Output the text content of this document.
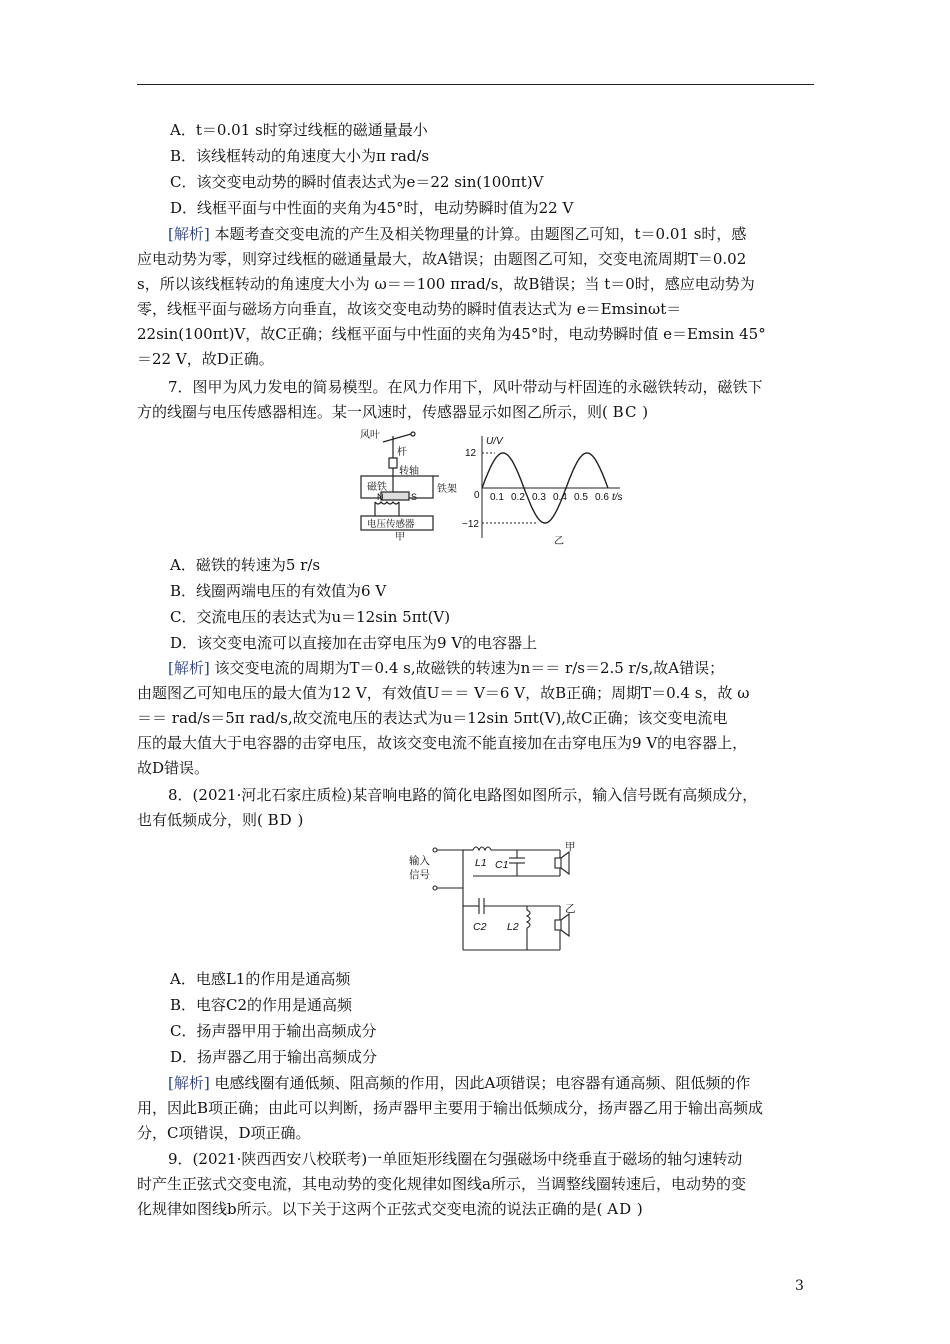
A．t＝0.01 s时穿过线框的磁通量最小
B．该线框转动的角速度大小为π rad/s
C．该交变电动势的瞬时值表达式为e＝22 sin(100πt)V
D．线框平面与中性面的夹角为45°时，电动势瞬时值为22 V
[解析] 本题考查交变电流的产生及相关物理量的计算。由题图乙可知，t＝0.01 s时，感
应电动势为零，则穿过线框的磁通量最大，故A错误；由题图乙可知，交变电流周期T＝0.02
s，所以该线框转动的角速度大小为 ω＝＝100 πrad/s，故B错误；当 t＝0时，感应电动势为
零，线框平面与磁场方向垂直，故该交变电动势的瞬时值表达式为 e＝Emsinωt＝
22sin(100πt)V，故C正确；线框平面与中性面的夹角为45°时，电动势瞬时值 e＝Emsin 45°
＝22 V，故D正确。
7．图甲为风力发电的简易模型。在风力作用下，风叶带动与杆固连的永磁铁转动，磁铁下
方的线圈与电压传感器相连。某一风速时，传感器显示如图乙所示，则( BC )
风叶
杆
转轴
磁铁
N	S
铁架
电压传感器
甲
U/V
12
−12
0	t/s
0.1 0.2 0.3 0.4 0.5 0.6
乙
A．磁铁的转速为5 r/s
B．线圈两端电压的有效值为6 V
C．交流电压的表达式为u＝12sin 5πt(V)
D．该交变电流可以直接加在击穿电压为9 V的电容器上
[解析] 该交变电流的周期为T＝0.4 s,故磁铁的转速为n＝＝ r/s＝2.5 r/s,故A错误；
由题图乙可知电压的最大值为12 V，有效值U＝＝ V＝6 V，故B正确；周期T＝0.4 s，故 ω
＝＝ rad/s＝5π rad/s,故交流电压的表达式为u＝12sin 5πt(V),故C正确；该交变电流电
压的最大值大于电容器的击穿电压，故该交变电流不能直接加在击穿电压为9 V的电容器上，
故D错误。
8．(2021·河北石家庄质检)某音响电路的简化电路图如图所示，输入信号既有高频成分，
也有低频成分，则( BD )
输入
信号
L1 C1
C2 L2
甲
乙
A．电感L1的作用是通高频
B．电容C2的作用是通高频
C．扬声器甲用于输出高频成分
D．扬声器乙用于输出高频成分
[解析] 电感线圈有通低频、阻高频的作用，因此A项错误；电容器有通高频、阻低频的作
用，因此B项正确；由此可以判断，扬声器甲主要用于输出低频成分，扬声器乙用于输出高频成
分，C项错误，D项正确。
9．(2021·陕西西安八校联考)一单匝矩形线圈在匀强磁场中绕垂直于磁场的轴匀速转动
时产生正弦式交变电流，其电动势的变化规律如图线a所示，当调整线圈转速后，电动势的变
化规律如图线b所示。以下关于这两个正弦式交变电流的说法正确的是( AD )
3
